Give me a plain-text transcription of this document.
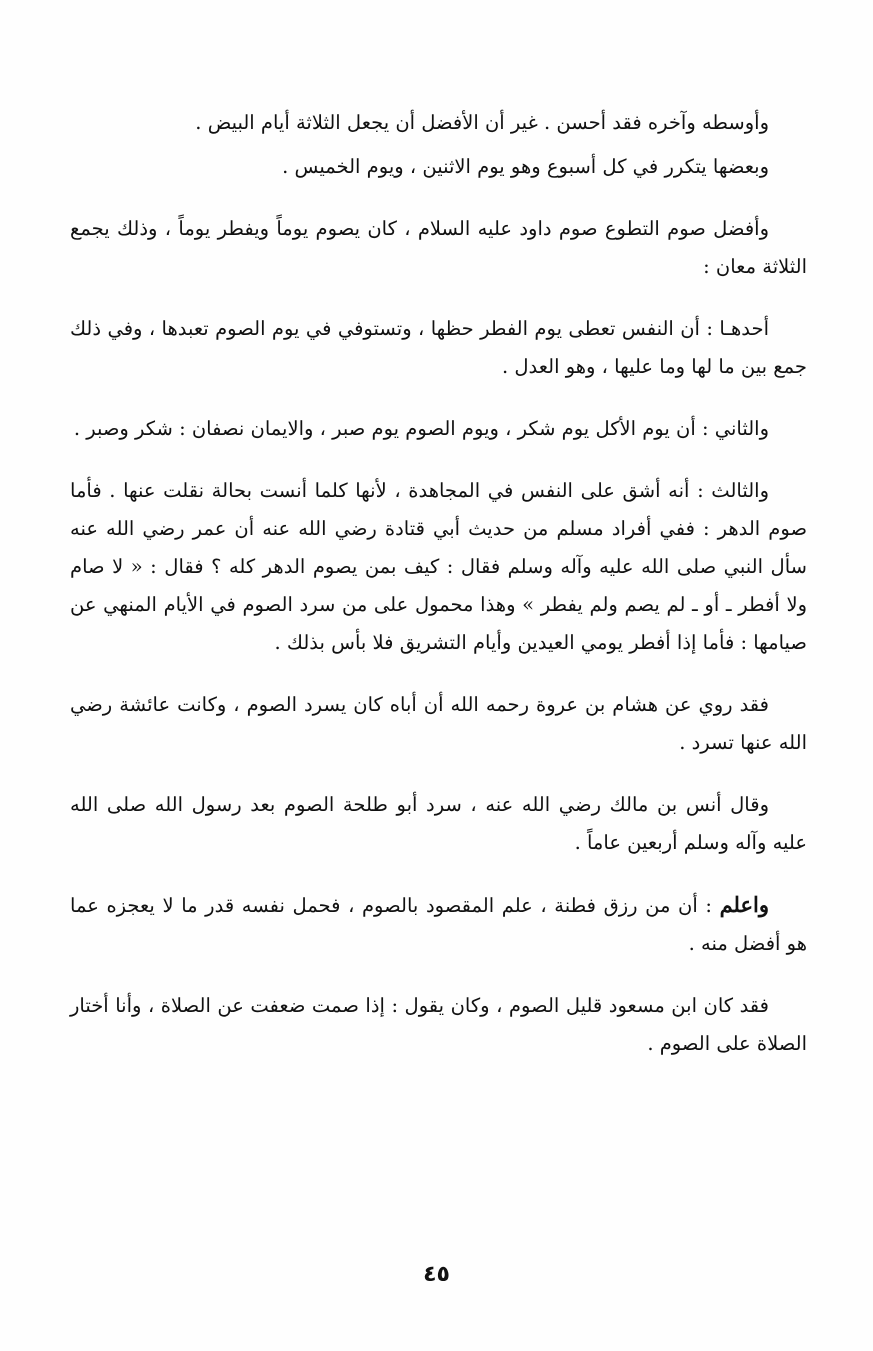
وأوسطه وآخره فقد أحسن . غير أن الأفضل أن يجعل الثلاثة أيام البيض .

وبعضها يتكرر في كل أسبوع وهو يوم الاثنين ، ويوم الخميس .

وأفضل صوم التطوع صوم داود عليه السلام ، كان يصوم يوماً ويفطر يوماً ، وذلك يجمع الثلاثة معان :

أحدهـا : أن النفس تعطى يوم الفطر حظها ، وتستوفي في يوم الصوم تعبدها ، وفي ذلك جمع بين ما لها وما عليها ، وهو العدل .

والثاني : أن يوم الأكل يوم شكر ، ويوم الصوم يوم صبر ، والايمان نصفان : شكر وصبر .

والثالث : أنه أشق على النفس في المجاهدة ، لأنها كلما أنست بحالة نقلت عنها . فأما صوم الدهر : ففي أفراد مسلم من حديث أبي قتادة رضي الله عنه أن عمر رضي الله عنه سأل النبي صلى الله عليه وآله وسلم فقال : كيف بمن يصوم الدهر كله ؟ فقال : « لا صام ولا أفطر ـ أو ـ لم يصم ولم يفطر » وهذا محمول على من سرد الصوم في الأيام المنهي عن صيامها : فأما إذا أفطر يومي العيدين وأيام التشريق فلا بأس بذلك .

فقد روي عن هشام بن عروة رحمه الله أن أباه كان يسرد الصوم ، وكانت عائشة رضي الله عنها تسرد .

وقال أنس بن مالك رضي الله عنه ، سرد أبو طلحة الصوم بعد رسول الله صلى الله عليه وآله وسلم أربعين عاماً .

واعلم : أن من رزق فطنة ، علم المقصود بالصوم ، فحمل نفسه قدر ما لا يعجزه عما هو أفضل منه .

فقد كان ابن مسعود قليل الصوم ، وكان يقول : إذا صمت ضعفت عن الصلاة ، وأنا أختار الصلاة على الصوم .

٤٥
